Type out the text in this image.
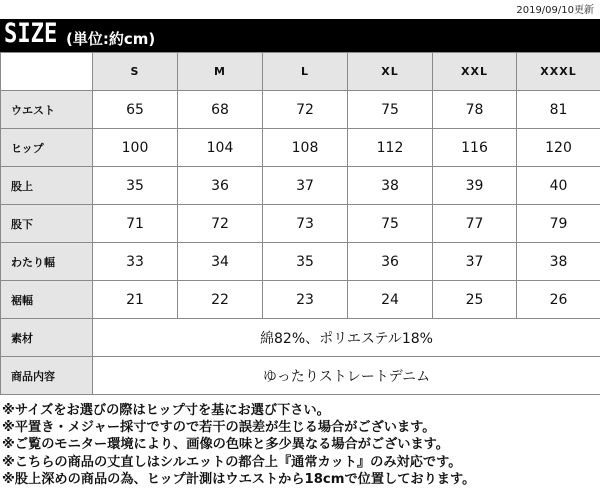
2019/09/10更新
SIZE (単位:約cm)
	S	M	L	XL	XXL	XXXL
ウエスト	65	68	72	75	78	81
ヒップ	100	104	108	112	116	120
股上	35	36	37	38	39	40
股下	71	72	73	75	77	79
わたり幅	33	34	35	36	37	38
裾幅	21	22	23	24	25	26
素材	綿82%、ポリエステル18%					
商品内容	ゆったりストレートデニム					
※サイズをお選びの際はヒップ寸を基にお選び下さい。
※平置き・メジャー採寸ですので若干の誤差が生じる場合がございます。
※ご覧のモニター環境により、画像の色味と多少異なる場合がございます。
※こちらの商品の丈直しはシルエットの都合上『通常カット』のみ対応です。
※股上深めの商品の為、ヒップ計測はウエストから18cmで位置しております。
